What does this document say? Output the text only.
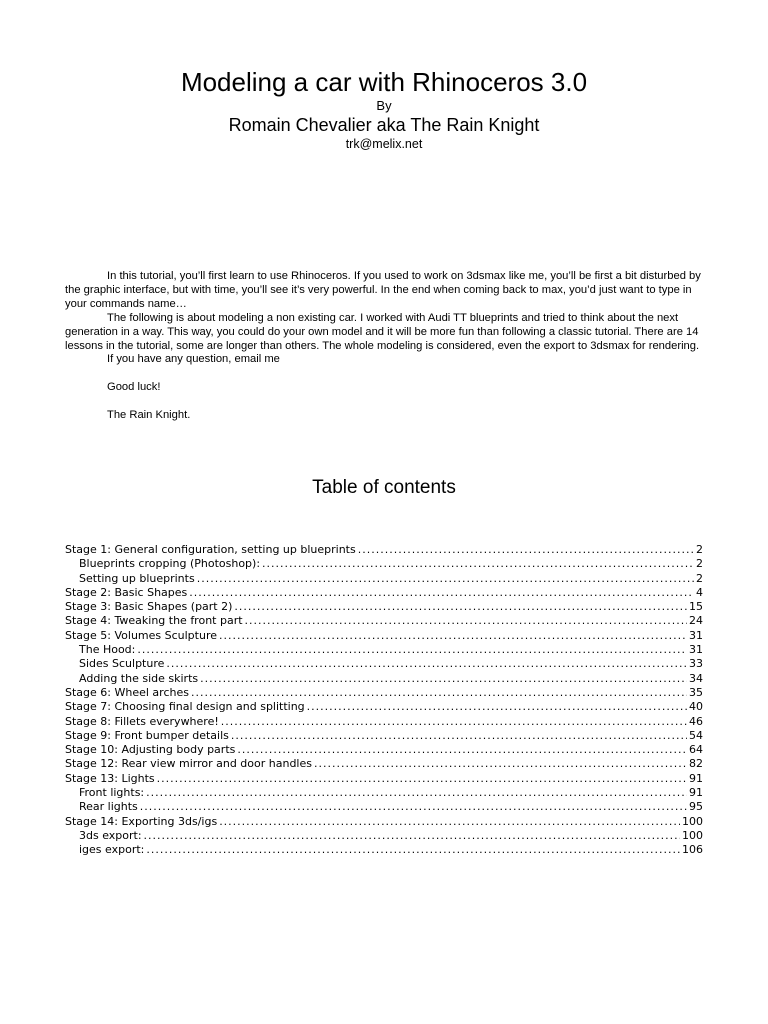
Modeling a car with Rhinoceros 3.0
By
Romain Chevalier aka The Rain Knight
trk@melix.net

In this tutorial, you’ll first learn to use Rhinoceros. If you used to work on 3dsmax like me, you’ll be first a bit disturbed by the graphic interface, but with time, you’ll see it’s very powerful. In the end when coming back to max, you’d just want to type in your commands name…

The following is about modeling a non existing car. I worked with Audi TT blueprints and tried to think about the next generation in a way. This way, you could do your own model and it will be more fun than following a classic tutorial. There are 14 lessons in the tutorial, some are longer than others. The whole modeling is considered, even the export to 3dsmax for rendering.

If you have any question, email me

Good luck!

The Rain Knight.

Table of contents
Stage 1: General configuration, setting up blueprints .....	2
Blueprints cropping (Photoshop): .....	2
Setting up blueprints .....	2
Stage 2: Basic Shapes .....	4
Stage 3: Basic Shapes (part 2) .....	15
Stage 4: Tweaking the front part .....	24
Stage 5: Volumes Sculpture .....	31
The Hood: .....	31
Sides Sculpture .....	33
Adding the side skirts .....	34
Stage 6: Wheel arches .....	35
Stage 7: Choosing final design and splitting .....	40
Stage 8: Fillets everywhere! .....	46
Stage 9: Front bumper details .....	54
Stage 10: Adjusting body parts .....	64
Stage 12: Rear view mirror and door handles .....	82
Stage 13: Lights .....	91
Front lights: .....	91
Rear lights .....	95
Stage 14: Exporting 3ds/igs .....	100
3ds export: .....	100
iges export: .....	106
